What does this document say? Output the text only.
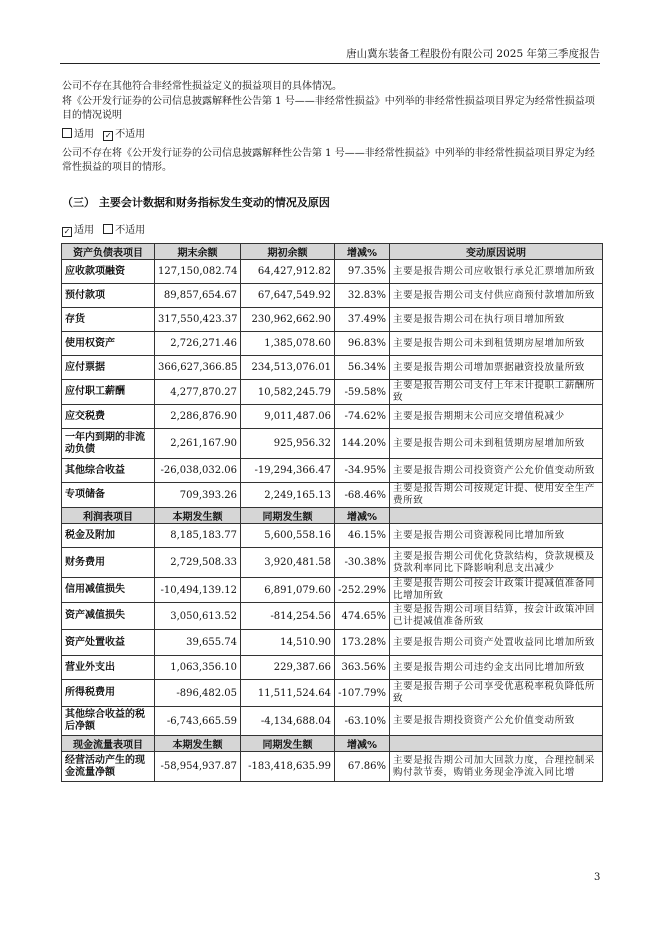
唐山冀东装备工程股份有限公司 2025 年第三季度报告
公司不存在其他符合非经常性损益定义的损益项目的具体情况。
将《公开发行证券的公司信息披露解释性公告第 1 号——非经常性损益》中列举的非经常性损益项目界定为经常性损益项目的情况说明
适用 ✓ 不适用
公司不存在将《公开发行证券的公司信息披露解释性公告第 1 号——非经常性损益》中列举的非经常性损益项目界定为经常性损益的项目的情形。
（三） 主要会计数据和财务指标发生变动的情况及原因
✓ 适用 不适用
资产负债表项目	期末余额	期初余额	增减%	变动原因说明
应收款项融资	127,150,082.74	64,427,912.82	97.35%	主要是报告期公司应收银行承兑汇票增加所致
预付款项	89,857,654.67	67,647,549.92	32.83%	主要是报告期公司支付供应商预付款增加所致
存货	317,550,423.37	230,962,662.90	37.49%	主要是报告期公司在执行项目增加所致
使用权资产	2,726,271.46	1,385,078.60	96.83%	主要是报告期公司未到租赁期房屋增加所致
应付票据	366,627,366.85	234,513,076.01	56.34%	主要是报告期公司增加票据融资投放量所致
应付职工薪酬	4,277,870.27	10,582,245.79	-59.58%	主要是报告期公司支付上年末计提职工薪酬所致
应交税费	2,286,876.90	9,011,487.06	-74.62%	主要是报告期期末公司应交增值税减少
一年内到期的非流动负债	2,261,167.90	925,956.32	144.20%	主要是报告期公司未到租赁期房屋增加所致
其他综合收益	-26,038,032.06	-19,294,366.47	-34.95%	主要是报告期公司投资资产公允价值变动所致
专项储备	709,393.26	2,249,165.13	-68.46%	主要是报告期公司按规定计提、使用安全生产费所致
利润表项目	本期发生额	同期发生额	增减%	
税金及附加	8,185,183.77	5,600,558.16	46.15%	主要是报告期公司资源税同比增加所致
财务费用	2,729,508.33	3,920,481.58	-30.38%	主要是报告期公司优化贷款结构，贷款规模及贷款利率同比下降影响利息支出减少
信用减值损失	-10,494,139.12	6,891,079.60	-252.29%	主要是报告期公司按会计政策计提减值准备同比增加所致
资产减值损失	3,050,613.52	-814,254.56	474.65%	主要是报告期公司项目结算，按会计政策冲回已计提减值准备所致
资产处置收益	39,655.74	14,510.90	173.28%	主要是报告期公司资产处置收益同比增加所致
营业外支出	1,063,356.10	229,387.66	363.56%	主要是报告期公司违约金支出同比增加所致
所得税费用	-896,482.05	11,511,524.64	-107.79%	主要是报告期子公司享受优惠税率税负降低所致
其他综合收益的税后净额	-6,743,665.59	-4,134,688.04	-63.10%	主要是报告期投资资产公允价值变动所致
现金流量表项目	本期发生额	同期发生额	增减%	
经营活动产生的现金流量净额	-58,954,937.87	-183,418,635.99	67.86%	主要是报告期公司加大回款力度，合理控制采购付款节奏，购销业务现金净流入同比增
3
